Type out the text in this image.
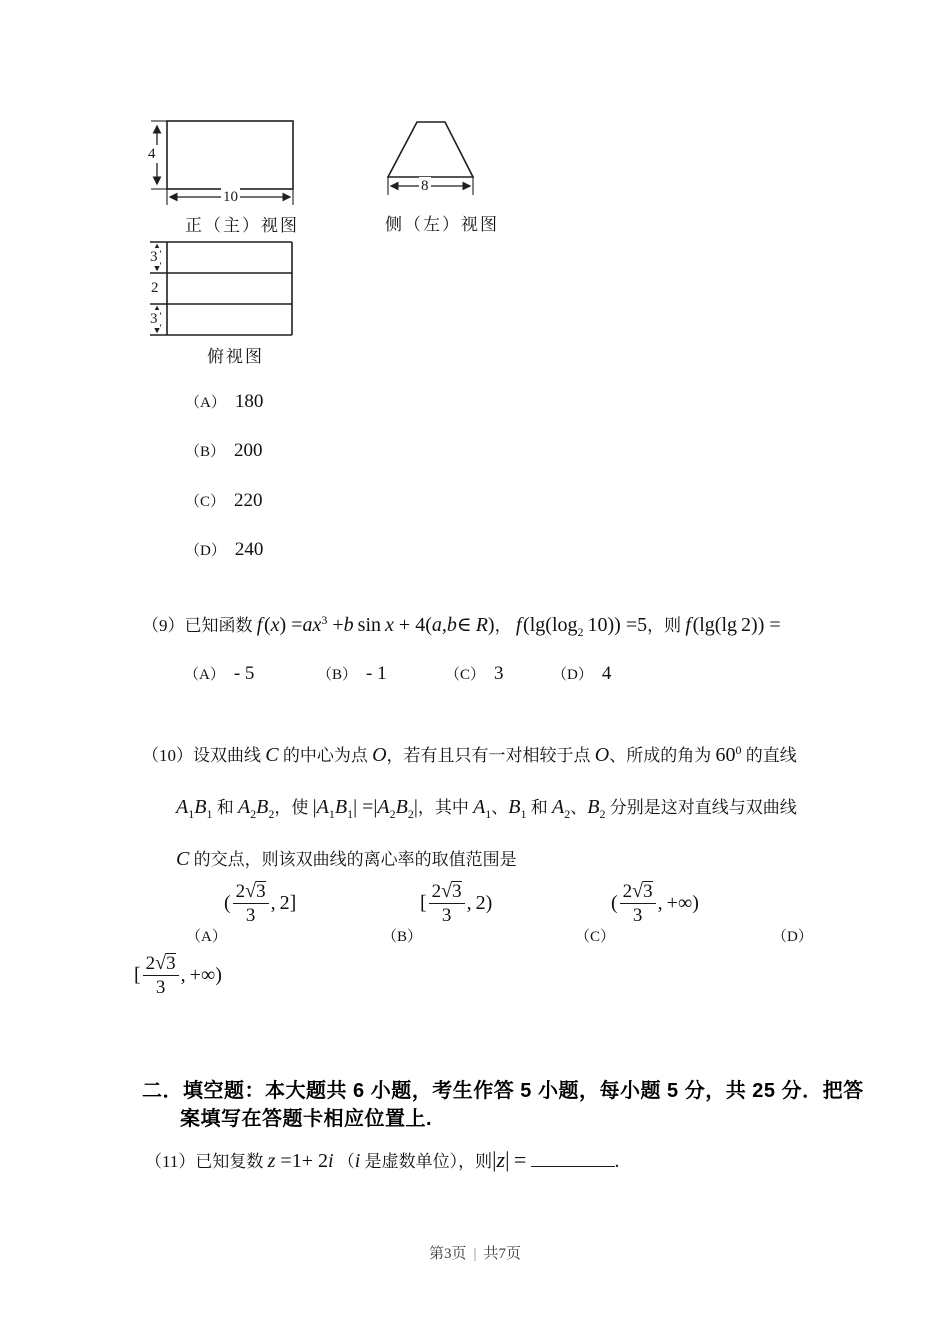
4
10
8
3
2
3
正（主）视图	侧（左）视图
俯视图
（A） 180
（B） 200
（C） 220
（D） 240
（9）已知函数 f $(x) =ax^3 +b$ sin x + 4(a,b∈ R)， f ($\lg(\log_2$ 10)) =5，则 f (lg(lg 2)) =
（A） - 5	（B） - 1	（C） 3	（D） 4
（10）设双曲线 C 的中心为点 O，若有且只有一对相较于点 O、所成的角为 $60^0$ 的直线
$A_1B_1$ 和 $A_2B_2$，使 $|A_1B_1| =|A_2B_2|$，其中 $A_1$、$B_1$ 和 $A_2$、$B_2$ 分别是这对直线与双曲线
C 的交点，则该双曲线的离心率的取值范围是
（A）
( $\frac{2√3}{3}$ , 2]
（B）
[ $\frac{2√3}{3}$ , 2)
（C）
( $\frac{2√3}{3}$ , +∞)
（D）
[ $\frac{2√3}{3}$ , +∞)
二．填空题：本大题共 6 小题，考生作答 5 小题，每小题 5 分，共 25 分．把答
案填写在答题卡相应位置上.
（11）已知复数 z =1+ 2i （i 是虚数单位），则|z| =	.
第3页 | 共7页
